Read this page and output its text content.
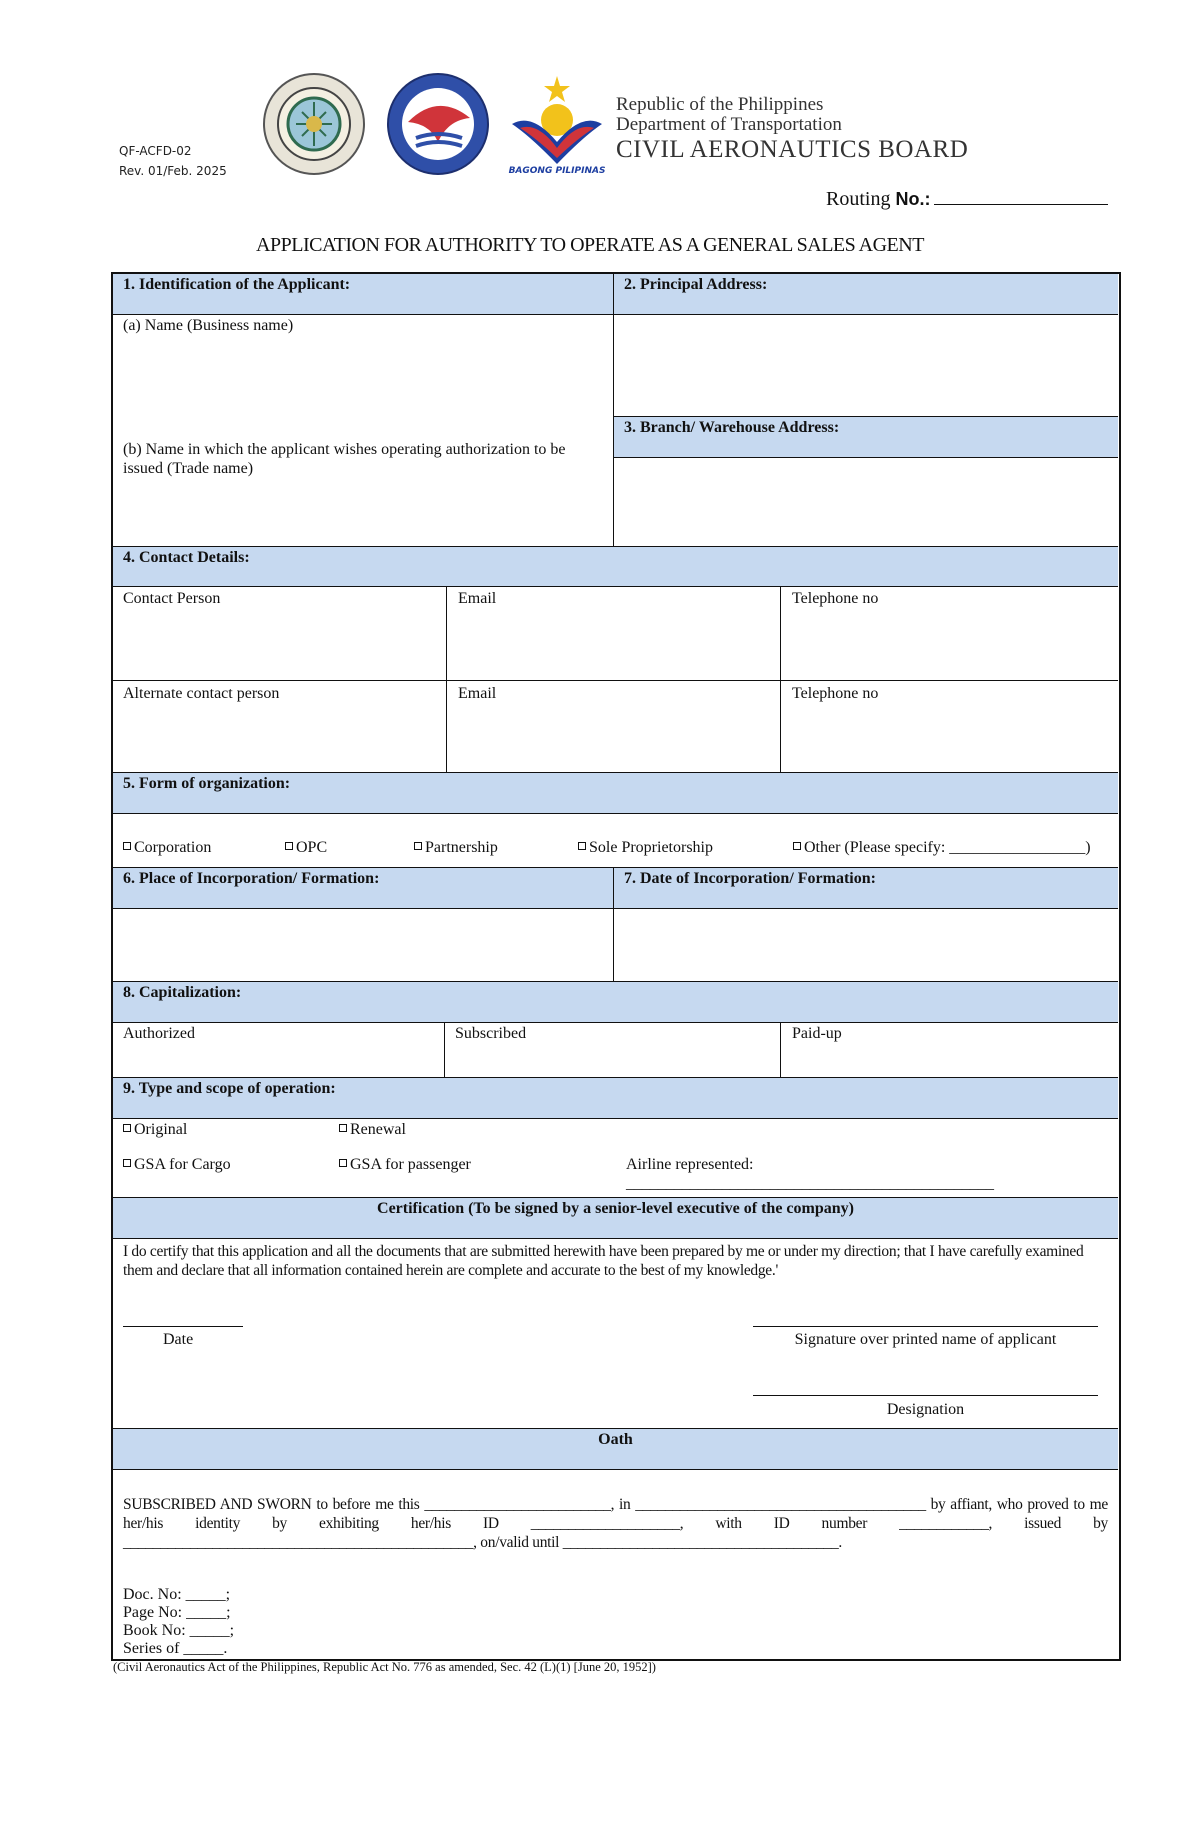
QF-ACFD-02
Rev. 01/Feb. 2025	BAGONG PILIPINAS
Republic of the Philippines
Department of Transportation
CIVIL AERONAUTICS BOARD
Routing No.:
APPLICATION FOR AUTHORITY TO OPERATE AS A GENERAL SALES AGENT
1. Identification of the Applicant:	2. Principal Address:
(a) Name (Business name)
(b) Name in which the applicant wishes operating authorization to be issued (Trade name)
3. Branch/ Warehouse Address:
4. Contact Details:
Contact Person	Email	Telephone no
Alternate contact person	Email	Telephone no
5. Form of organization:
Corporation	OPC	Partnership	Sole Proprietorship	Other (Please specify: _________________)
6. Place of Incorporation/ Formation:	7. Date of Incorporation/ Formation:
8. Capitalization:
Authorized	Subscribed	Paid-up
9. Type and scope of operation:
Original	Renewal
GSA for Cargo	GSA for passenger	Airline represented: ______________________________________________
Certification (To be signed by a senior-level executive of the company)
I do certify that this application and all the documents that are submitted herewith have been prepared by me or under my direction; that I have carefully examined them and declare that all information contained herein are complete and accurate to the best of my knowledge.'
Date	Signature over printed name of applicant
Designation
Oath
SUBSCRIBED AND SWORN to before me this _________________________, in _______________________________________ by affiant, who proved to me her/his identity by exhibiting her/his ID ____________________, with ID number ____________, issued by _______________________________________________, on/valid until _____________________________________.
Doc. No: _____;
Page No: _____;
Book No: _____;
Series of _____.
(Civil Aeronautics Act of the Philippines, Republic Act No. 776 as amended, Sec. 42 (L)(1) [June 20, 1952])
